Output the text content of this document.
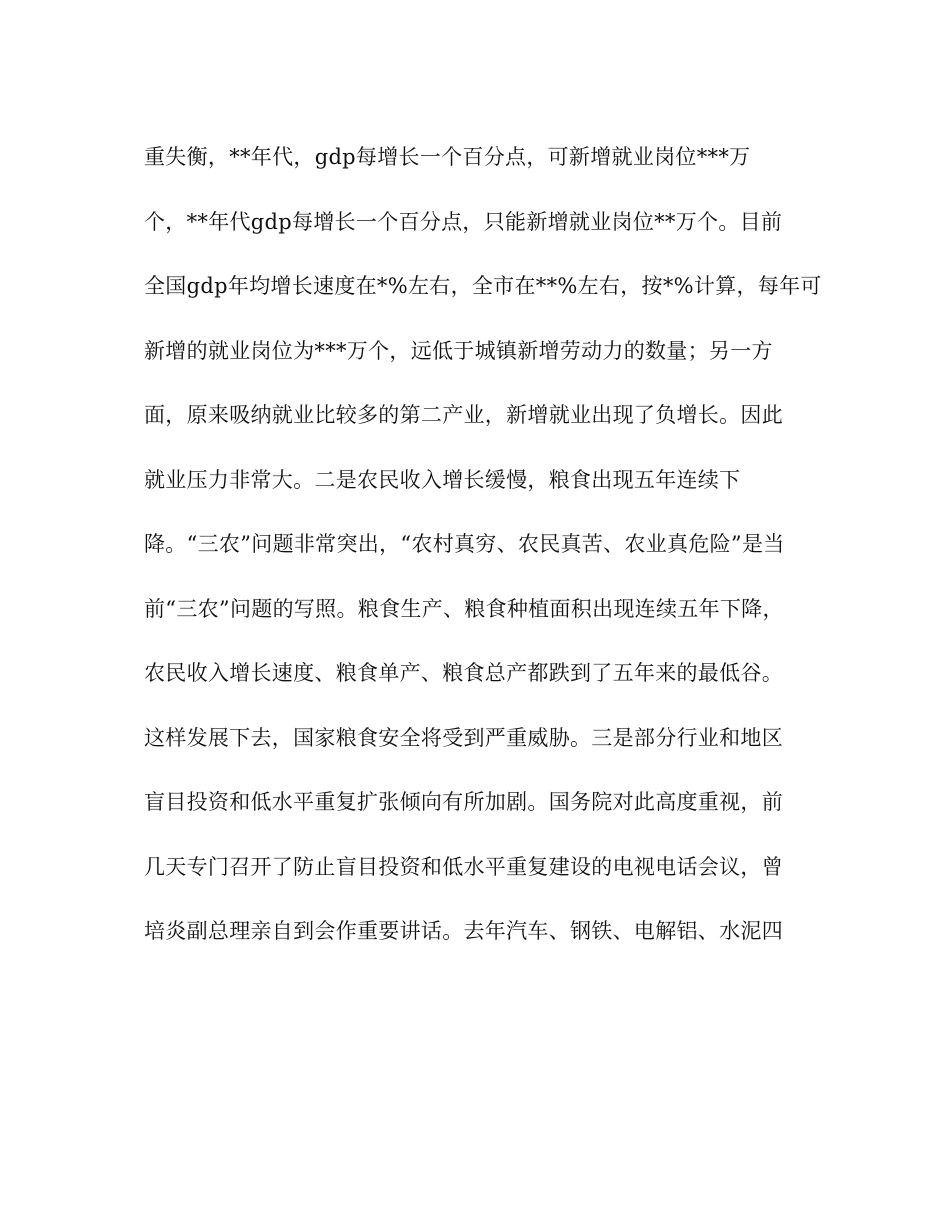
重失衡，**年代，gdp每增长一个百分点，可新增就业岗位***万
个，**年代gdp每增长一个百分点，只能新增就业岗位**万个。目前
全国gdp年均增长速度在*%左右，全市在**%左右，按*%计算，每年可
新增的就业岗位为***万个，远低于城镇新增劳动力的数量；另一方
面，原来吸纳就业比较多的第二产业，新增就业出现了负增长。因此
就业压力非常大。二是农民收入增长缓慢，粮食出现五年连续下
降。“三农”问题非常突出，“农村真穷、农民真苦、农业真危险”是当
前“三农”问题的写照。粮食生产、粮食种植面积出现连续五年下降，
农民收入增长速度、粮食单产、粮食总产都跌到了五年来的最低谷。
这样发展下去，国家粮食安全将受到严重威胁。三是部分行业和地区
盲目投资和低水平重复扩张倾向有所加剧。国务院对此高度重视，前
几天专门召开了防止盲目投资和低水平重复建设的电视电话会议，曾
培炎副总理亲自到会作重要讲话。去年汽车、钢铁、电解铝、水泥四
